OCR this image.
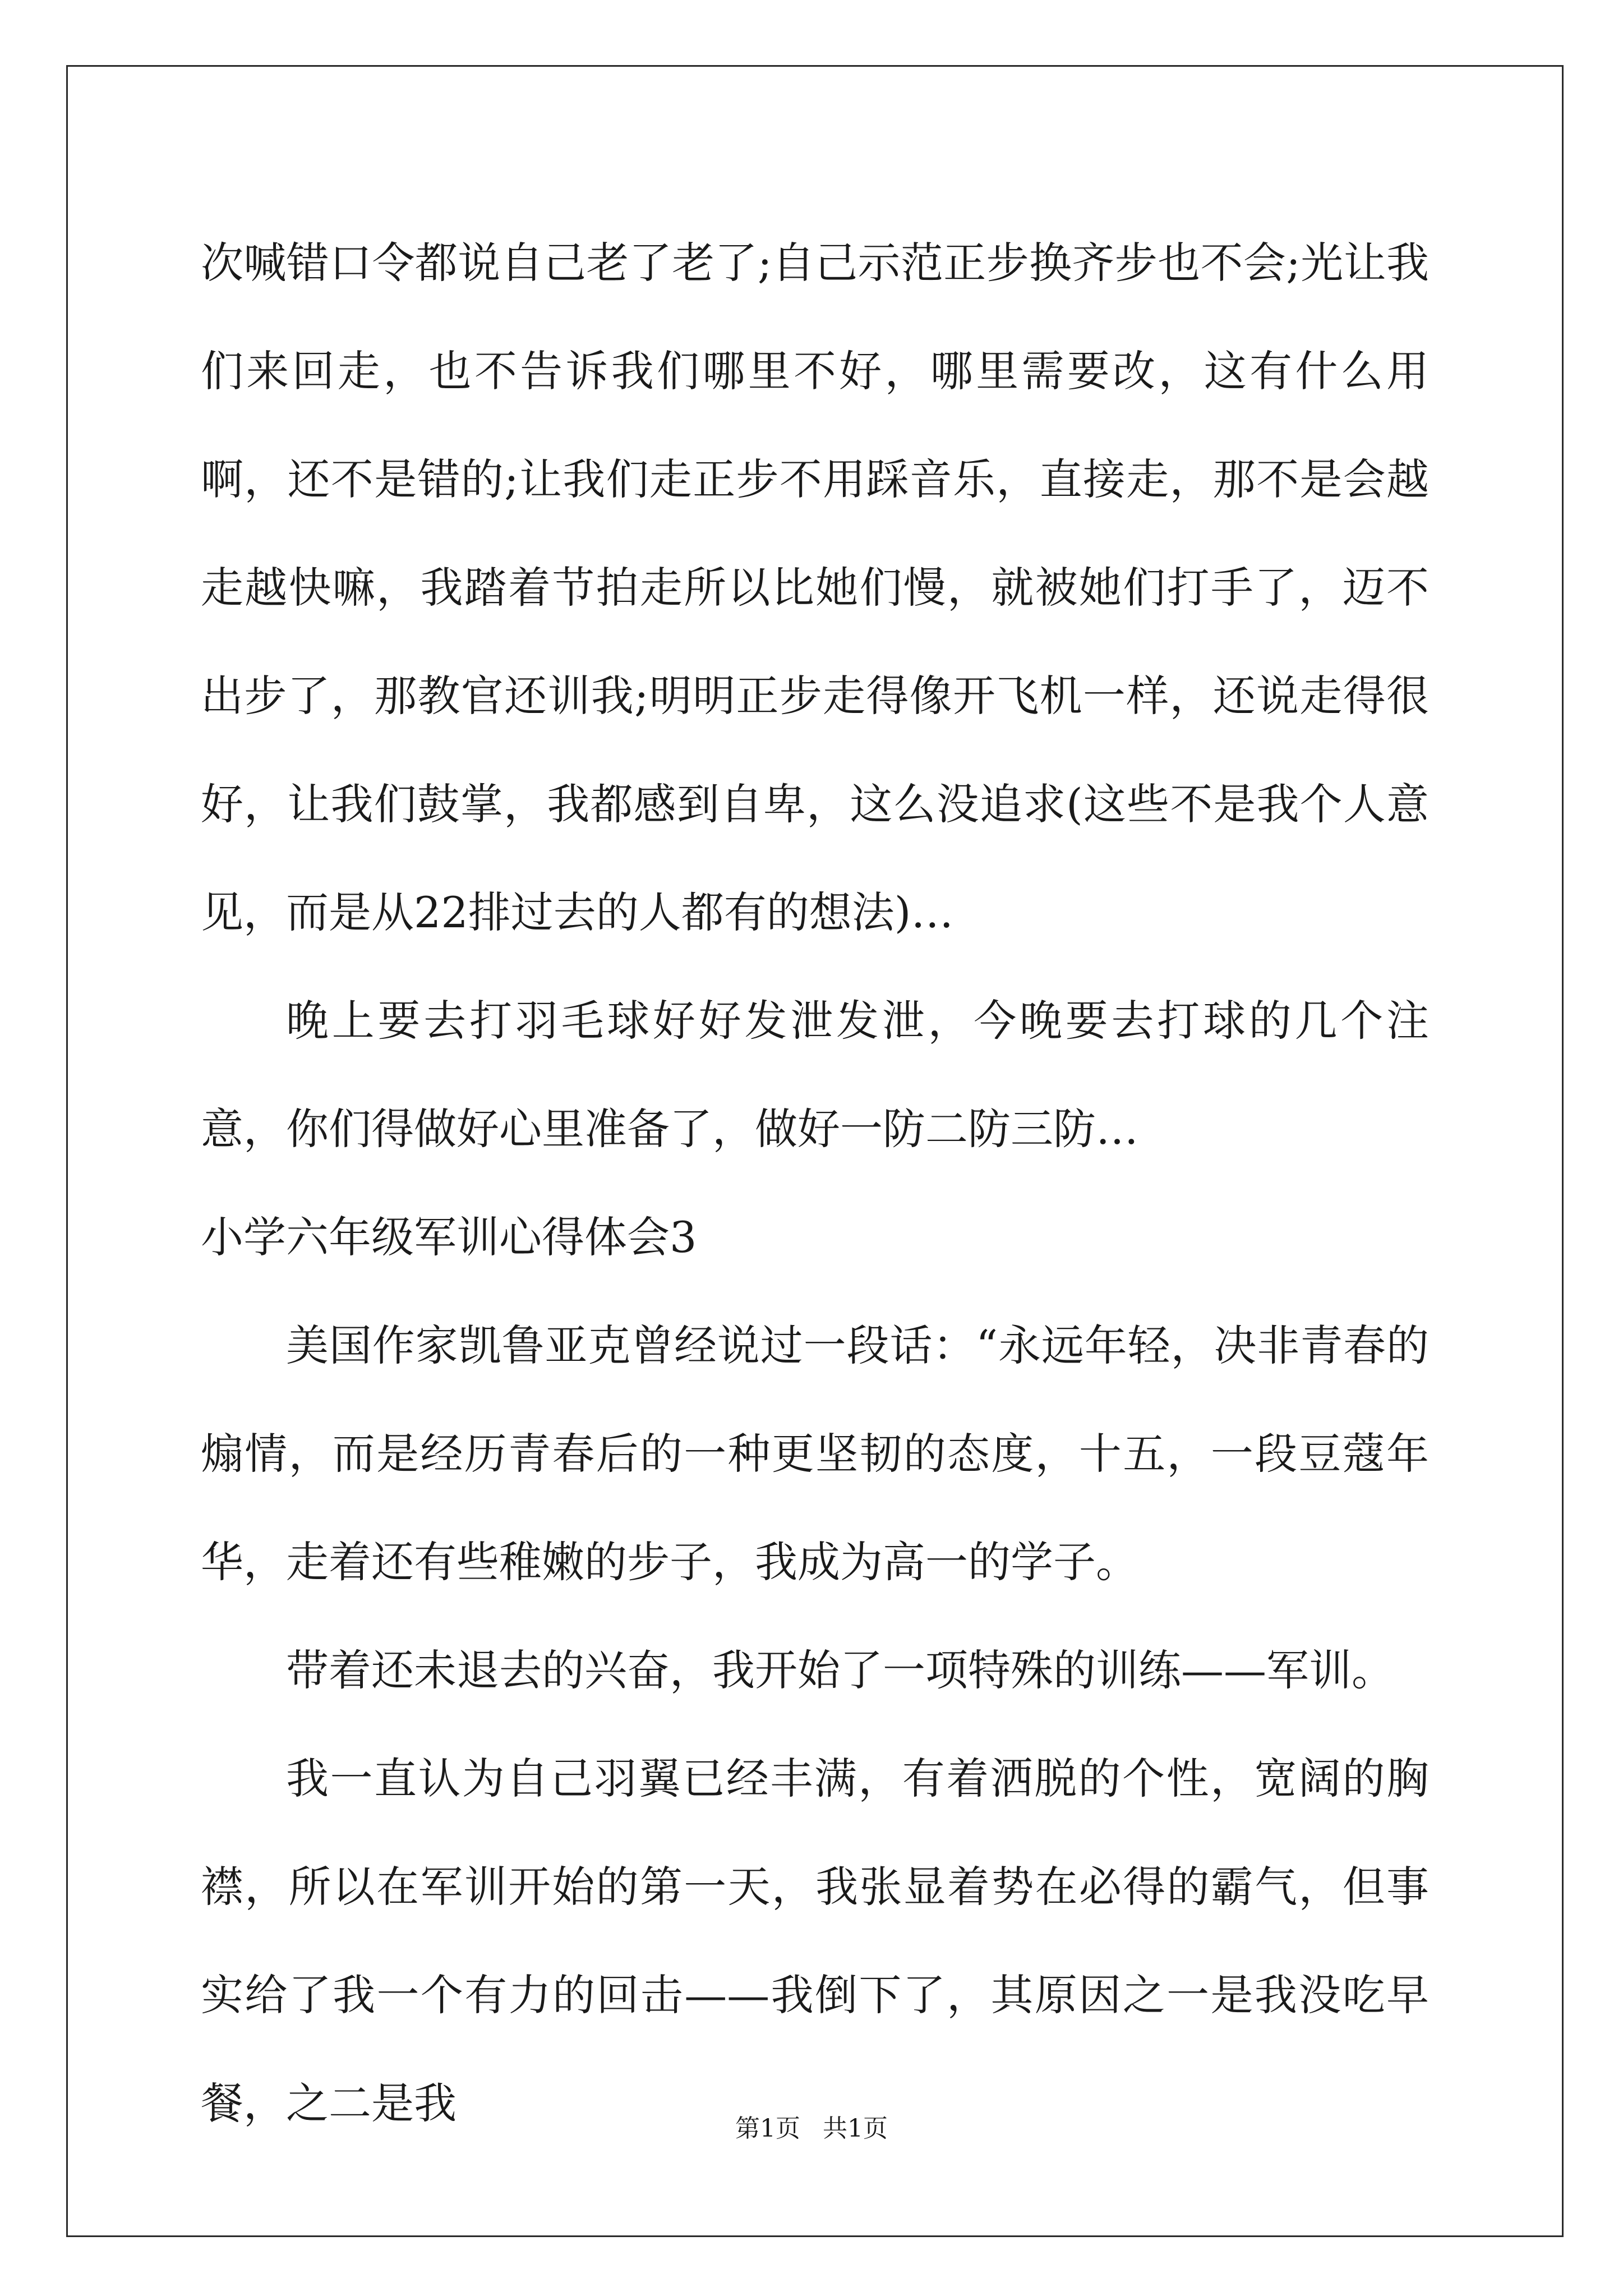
次喊错口令都说自己老了老了;自己示范正步换齐步也不会;光让我们来回走，也不告诉我们哪里不好，哪里需要改，这有什么用啊，还不是错的;让我们走正步不用踩音乐，直接走，那不是会越走越快嘛，我踏着节拍走所以比她们慢，就被她们打手了，迈不出步了，那教官还训我;明明正步走得像开飞机一样，还说走得很好，让我们鼓掌，我都感到自卑，这么没追求(这些不是我个人意见，而是从22排过去的人都有的想法)…

晚上要去打羽毛球好好发泄发泄，今晚要去打球的几个注意，你们得做好心里准备了，做好一防二防三防…

小学六年级军训心得体会3

美国作家凯鲁亚克曾经说过一段话：“永远年轻，决非青春的煽情，而是经历青春后的一种更坚韧的态度，十五，一段豆蔻年华，走着还有些稚嫩的步子，我成为高一的学子。

带着还未退去的兴奋，我开始了一项特殊的训练——军训。

我一直认为自己羽翼已经丰满，有着洒脱的个性，宽阔的胸襟，所以在军训开始的第一天，我张显着势在必得的霸气，但事实给了我一个有力的回击——我倒下了，其原因之一是我没吃早餐，之二是我

第1页 共1页
